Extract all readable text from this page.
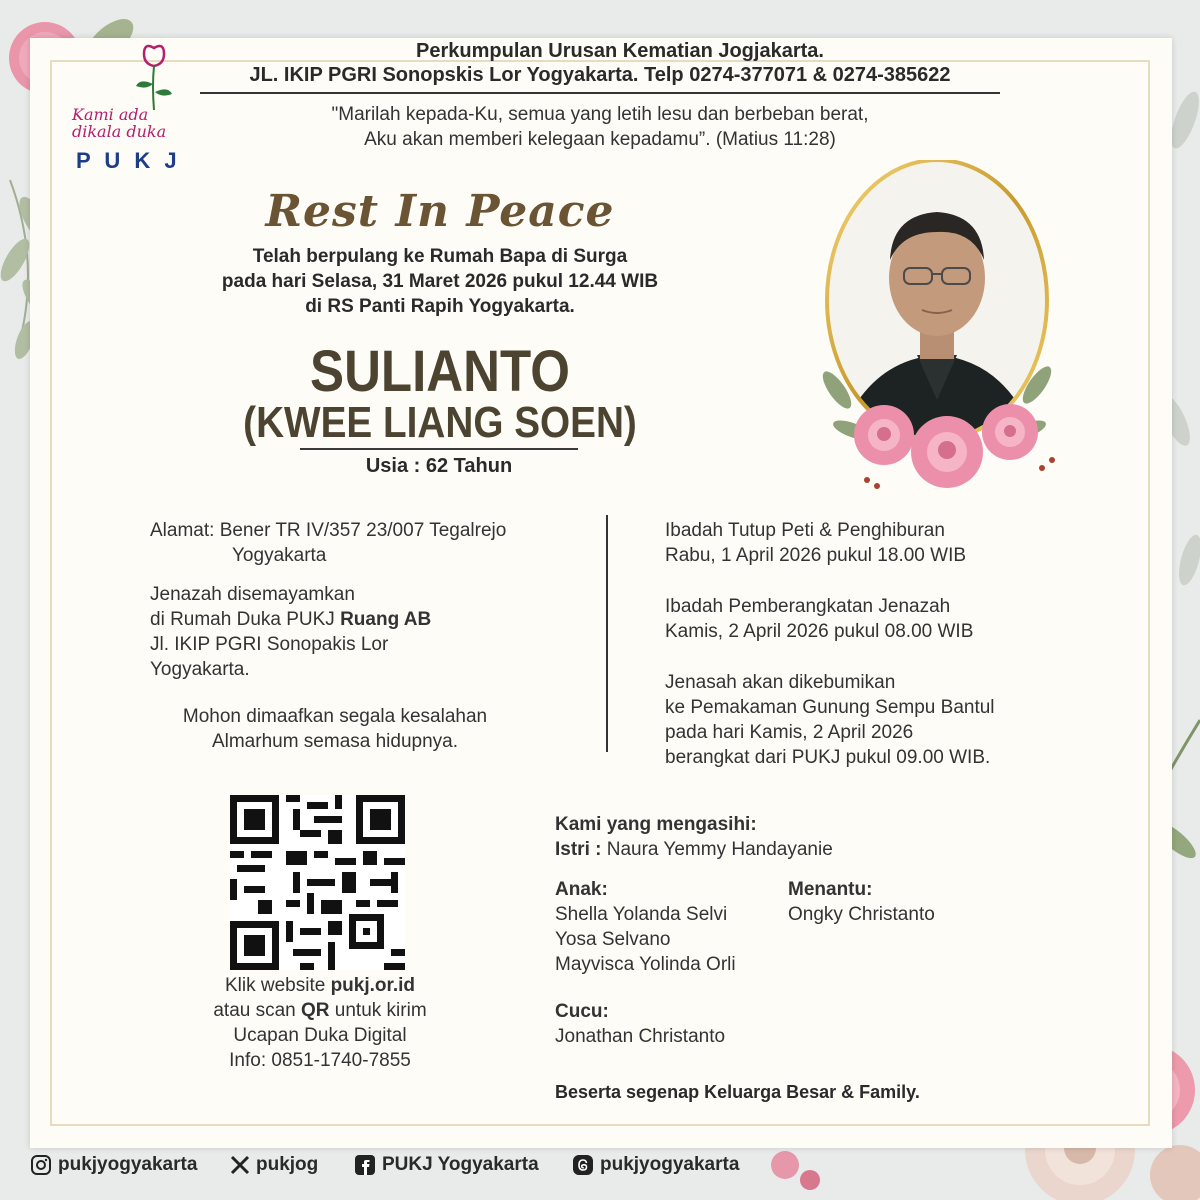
Kami ada
dikala duka
P U K J
Perkumpulan Urusan Kematian Jogjakarta.
JL. IKIP PGRI Sonopskis Lor Yogyakarta. Telp 0274-377071 & 0274-385622
"Marilah kepada-Ku, semua yang letih lesu dan berbeban berat,
Aku akan memberi kelegaan kepadamu”. (Matius 11:28)
Rest In Peace
Telah berpulang ke Rumah Bapa di Surga
pada hari Selasa, 31 Maret 2026 pukul 12.44 WIB
di RS Panti Rapih Yogyakarta.
SULIANTO
(KWEE LIANG SOEN)
Usia : 62 Tahun
Alamat: Bener TR IV/357 23/007 Tegalrejo
Yogyakarta
Jenazah disemayamkan
di Rumah Duka PUKJ Ruang AB
Jl. IKIP PGRI Sonopakis Lor
Yogyakarta.
Mohon dimaafkan segala kesalahan
Almarhum semasa hidupnya.
Ibadah Tutup Peti & Penghiburan
Rabu, 1 April 2026 pukul 18.00 WIB
Ibadah Pemberangkatan Jenazah
Kamis, 2 April 2026 pukul 08.00 WIB
Jenasah akan dikebumikan
ke Pemakaman Gunung Sempu Bantul
pada hari Kamis, 2 April 2026
berangkat dari PUKJ pukul 09.00 WIB.
Klik website pukj.or.id
atau scan QR untuk kirim
Ucapan Duka Digital
Info: 0851-1740-7855
Kami yang mengasihi:
Istri : Naura Yemmy Handayanie
Anak:
Shella Yolanda Selvi
Yosa Selvano
Mayvisca Yolinda Orli
Menantu:
Ongky Christanto
Cucu:
Jonathan Christanto
Beserta segenap Keluarga Besar & Family.
pukjyogyakarta	pukjog	PUKJ Yogyakarta	pukjyogyakarta
